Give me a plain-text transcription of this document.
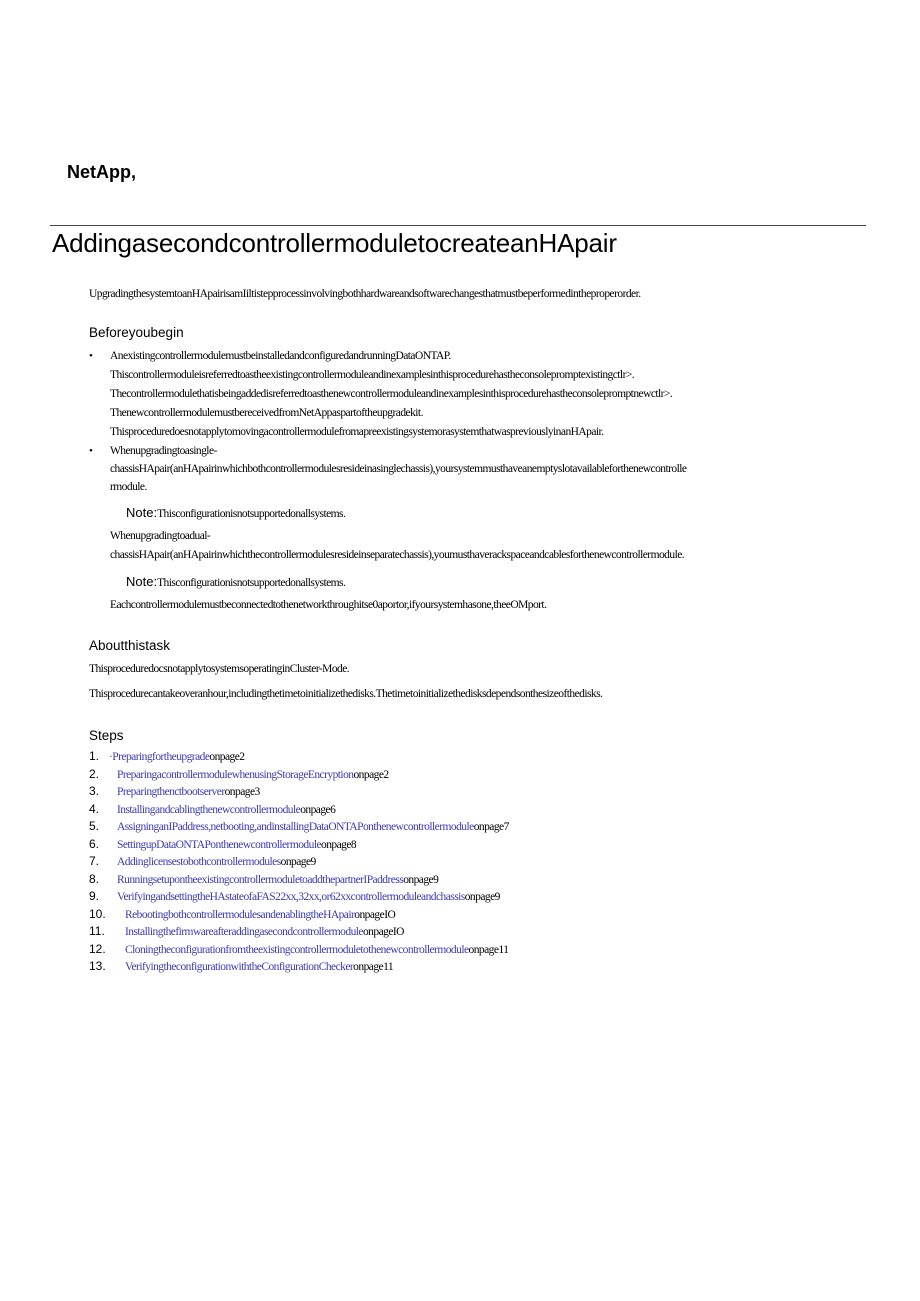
NetApp,
AddingasecondcontrollermoduletocreateanHApair
UpgradingthesystemtoanHApairisamIiltistepprocessinvolvingbothhardwareandsoftwarechangesthatmustbeperformedintheproperorder.
Beforeyoubegin
• AnexistingcontrollermodulemustbeinstalledandconfiguredandrunningDataONTAP.
Thiscontrollermoduleisreferredtoastheexistingcontrollermoduleandinexamplesinthisprocedurehastheconsolepromptexistingctlr>.
Thecontrollermodulethatisbeingaddedisreferredtoasthenewcontrollermoduleandinexamplesinthisprocedurehastheconsolepromptnewctlr>.
ThenewcontrollermodulemustbereceivedfromNetAppaspartoftheupgradekit.
ThisproceduredoesnotapplytomovingacontrollermodulefromapreexistingsystemorasystemthatwaspreviouslyinanHApair.
• Whenupgradingtoasingle-
chassisHApair(anHApairinwhichbothcontrollermodulesresideinasinglechassis),yoursystemmusthaveanemptyslotavailableforthenewcontrolle
rmodule.
Note:Thisconfigurationisnotsupportedonallsystems.
Whenupgradingtoadual-
chassisHApair(anHApairinwhichthecontrollermodulesresideinseparatechassis),youmusthaverackspaceandcablesforthenewcontrollermodule.
Note:Thisconfigurationisnotsupportedonallsystems.
Eachcontrollermodulemustbeconnectedtothenetworkthroughitse0aportor,ifyoursystemhasone,theeOMport.
Aboutthistask
ThisproceduredocsnotapplytosystemsoperatinginCluster-Mode.
Thisprocedurecantakeoveranhour,includingthetimetoinitializethedisks.Thetimetoinitializethedisksdependsonthesizeofthedisks.
Steps
1. ·Preparingfortheupgradeonpage2
2. PreparingacontrollermodulewhenusingStorageEncryptiononpage2
3. Preparingthenctbootserveronpage3
4. Installingandcablingthenewcontrollermoduleonpage6
5. AssigninganIPaddress,netbooting,andinstallingDataONTAPonthenewcontrollermoduleonpage7
6. SettingupDataONTAPonthenewcontrollermoduleonpage8
7. Addinglicensestobothcontrollermodulesonpage9
8. RunningsetupontheexistingcontrollermoduletoaddthepartnerIPaddressonpage9
9. VerifyingandsettingtheHAstateofaFAS22xx,32xx,or62xxcontrollermoduleandchassisonpage9
10. RebootingbothcontrollermodulesandenablingtheHApaironpageIO
11. InstallingthefirmwareafteraddingasecondcontrollermoduleonpageIO
12. Cloningtheconfigurationfromtheexistingcontrollermoduletothenewcontrollermoduleonpage11
13. VerifyingtheconfigurationwiththeConfigurationCheckeronpage11
